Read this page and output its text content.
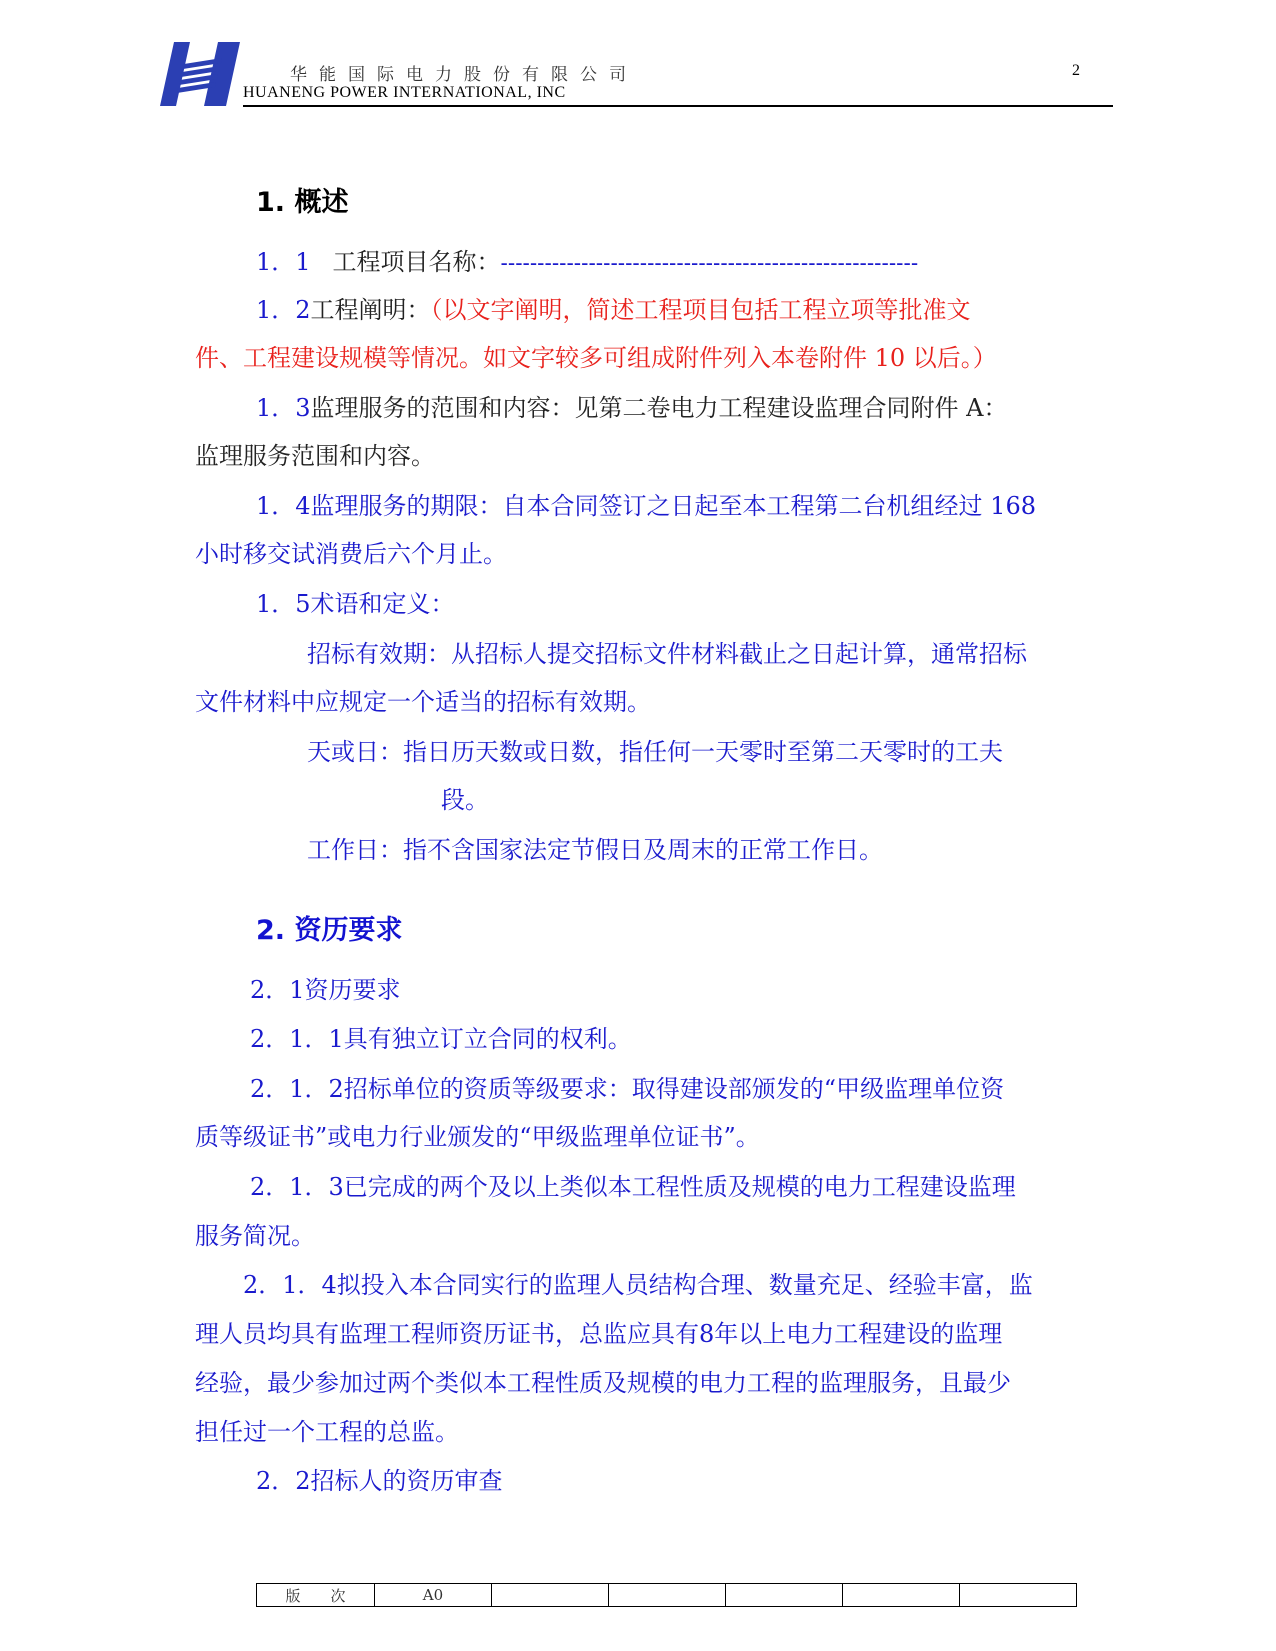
华能国际电力股份有限公司
HUANENG POWER INTERNATIONAL, INC
2
1. 概述
1．1 工程项目名称：---------------------------------------------------------
1．2工程阐明：（以文字阐明，简述工程项目包括工程立项等批准文
件、工程建设规模等情况。如文字较多可组成附件列入本卷附件 10 以后。）
1．3监理服务的范围和内容：见第二卷电力工程建设监理合同附件 A：
监理服务范围和内容。
1．4监理服务的期限：自本合同签订之日起至本工程第二台机组经过 168
小时移交试消费后六个月止。
1．5术语和定义：
招标有效期：从招标人提交招标文件材料截止之日起计算，通常招标
文件材料中应规定一个适当的招标有效期。
天或日：指日历天数或日数，指任何一天零时至第二天零时的工夫
段。
工作日：指不含国家法定节假日及周末的正常工作日。
2. 资历要求
2．1资历要求
2．1．1具有独立订立合同的权利。
2．1．2招标单位的资质等级要求：取得建设部颁发的“甲级监理单位资
质等级证书”或电力行业颁发的“甲级监理单位证书”。
2．1．3已完成的两个及以上类似本工程性质及规模的电力工程建设监理
服务简况。
2．1．4拟投入本合同实行的监理人员结构合理、数量充足、经验丰富，监
理人员均具有监理工程师资历证书，总监应具有8年以上电力工程建设的监理
经验，最少参加过两个类似本工程性质及规模的电力工程的监理服务，且最少
担任过一个工程的总监。
2．2招标人的资历审查
版　　次	A0					
